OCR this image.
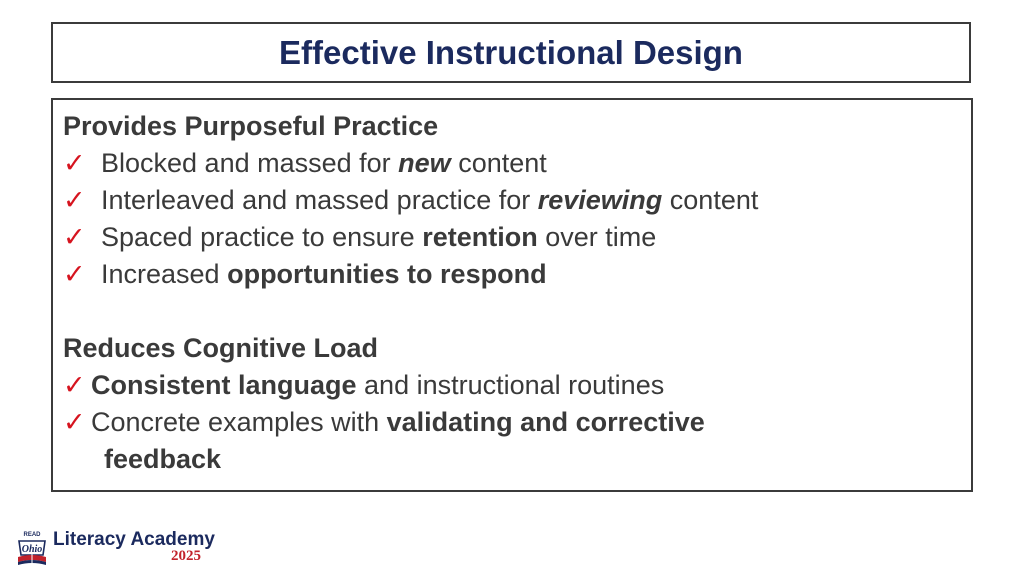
Effective Instructional Design

Provides Purposeful Practice

✓ Blocked and massed for new content

✓ Interleaved and massed practice for reviewing content

✓ Spaced practice to ensure retention over time

✓ Increased opportunities to respond

Reduces Cognitive Load

✓ Consistent language and instructional routines

✓ Concrete examples with validating and corrective

feedback

READ
Ohio Literacy Academy
2025
